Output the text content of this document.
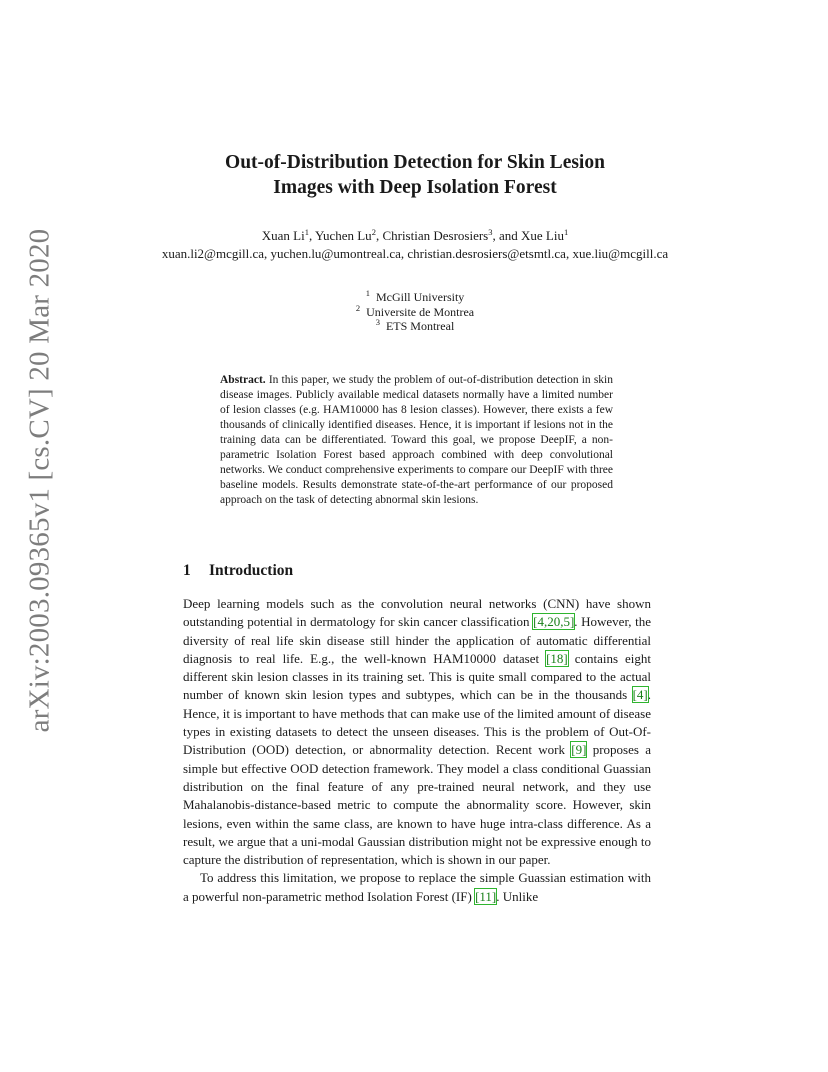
arXiv:2003.09365v1 [cs.CV] 20 Mar 2020
Out-of-Distribution Detection for Skin Lesion
Images with Deep Isolation Forest
Xuan Li$^1$, Yuchen Lu$^2$, Christian Desrosiers$^3$, and Xue Liu$^1$
xuan.li2@mcgill.ca, yuchen.lu@umontreal.ca, christian.desrosiers@etsmtl.ca, xue.liu@mcgill.ca
$^1$ McGill University
$^2$ Universite de Montrea
$^3$ ETS Montreal

Abstract. In this paper, we study the problem of out-of-distribution detection in skin disease images. Publicly available medical datasets normally have a limited number of lesion classes (e.g. HAM10000 has 8 lesion classes). However, there exists a few thousands of clinically identified diseases. Hence, it is important if lesions not in the training data can be differentiated. Toward this goal, we propose DeepIF, a non-parametric Isolation Forest based approach combined with deep convolutional networks. We conduct comprehensive experiments to compare our DeepIF with three baseline models. Results demonstrate state-of-the-art performance of our proposed approach on the task of detecting abnormal skin lesions.

1 Introduction

Deep learning models such as the convolution neural networks (CNN) have shown outstanding potential in dermatology for skin cancer classification [4,20,5]. However, the diversity of real life skin disease still hinder the application of automatic differential diagnosis to real life. E.g., the well-known HAM10000 dataset [18] contains eight different skin lesion classes in its training set. This is quite small compared to the actual number of known skin lesion types and subtypes, which can be in the thousands [4]. Hence, it is important to have methods that can make use of the limited amount of disease types in existing datasets to detect the unseen diseases. This is the problem of Out-Of-Distribution (OOD) detection, or abnormality detection. Recent work [9] proposes a simple but effective OOD detection framework. They model a class conditional Guassian distribution on the final feature of any pre-trained neural network, and they use Mahalanobis-distance-based metric to compute the abnormality score. However, skin lesions, even within the same class, are known to have huge intra-class difference. As a result, we argue that a uni-modal Gaussian distribution might not be expressive enough to capture the distribution of representation, which is shown in our paper.

To address this limitation, we propose to replace the simple Guassian estimation with a powerful non-parametric method Isolation Forest (IF) [11]. Unlike
